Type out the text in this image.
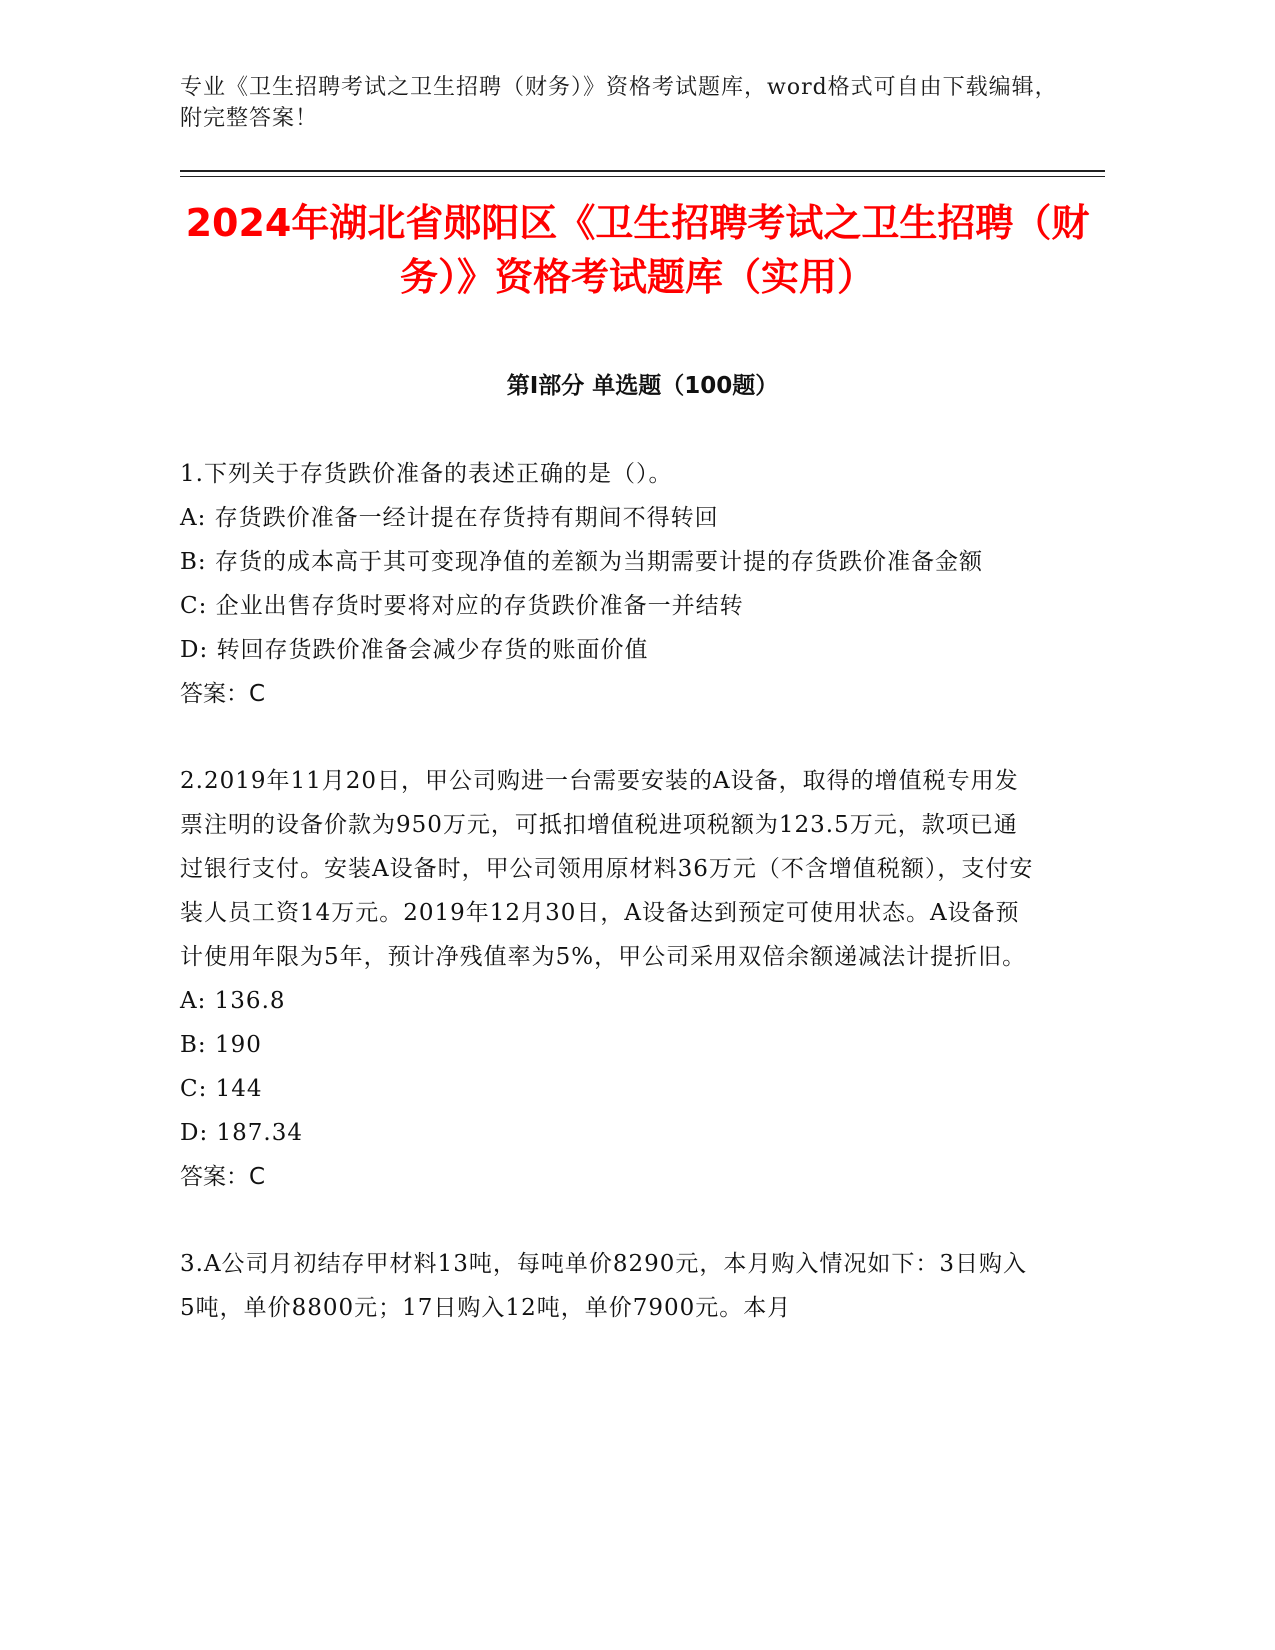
专业《卫生招聘考试之卫生招聘（财务）》资格考试题库，word格式可自由下载编辑，附完整答案！
2024年湖北省郧阳区《卫生招聘考试之卫生招聘（财务）》资格考试题库（实用）
第Ⅰ部分 单选题（100题）

1.下列关于存货跌价准备的表述正确的是（）。

A: 存货跌价准备一经计提在存货持有期间不得转回

B: 存货的成本高于其可变现净值的差额为当期需要计提的存货跌价准备金额

C: 企业出售存货时要将对应的存货跌价准备一并结转

D: 转回存货跌价准备会减少存货的账面价值

答案：C

2.2019年11月20日，甲公司购进一台需要安装的A设备，取得的增值税专用发票注明的设备价款为950万元，可抵扣增值税进项税额为123.5万元，款项已通过银行支付。安装A设备时，甲公司领用原材料36万元（不含增值税额），支付安装人员工资14万元。2019年12月30日，A设备达到预定可使用状态。A设备预计使用年限为5年，预计净残值率为5%，甲公司采用双倍余额递减法计提折旧。

A: 136.8

B: 190

C: 144

D: 187.34

答案：C

3.A公司月初结存甲材料13吨，每吨单价8290元，本月购入情况如下：3日购入5吨，单价8800元；17日购入12吨，单价7900元。本月
